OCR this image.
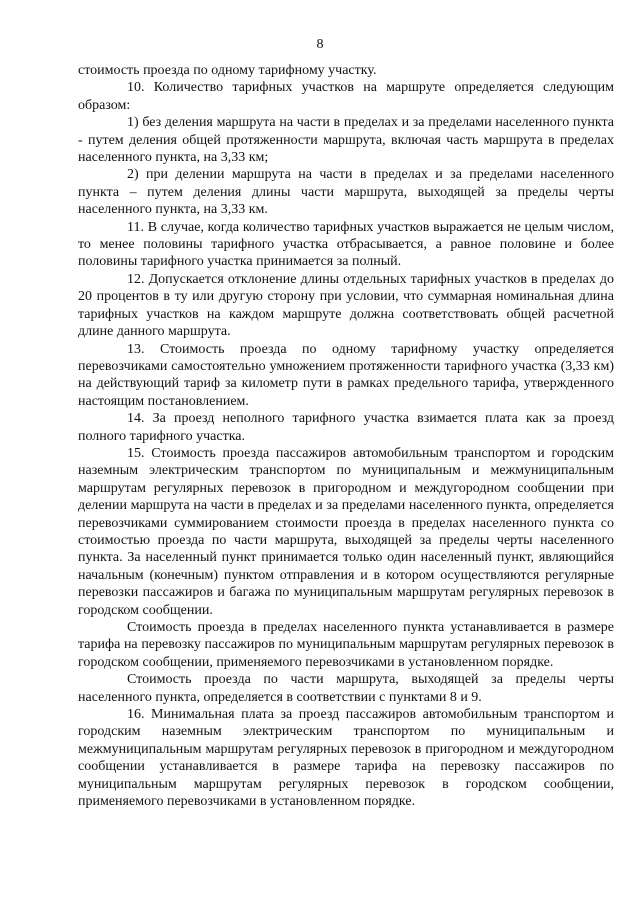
8

стоимость проезда по одному тарифному участку.

10. Количество тарифных участков на маршруте определяется следующим образом:

1) без деления маршрута на части в пределах и за пределами населенного пункта - путем деления общей протяженности маршрута, включая часть маршрута в пределах населенного пункта, на 3,33 км;

2) при делении маршрута на части в пределах и за пределами населенного пункта – путем деления длины части маршрута, выходящей за пределы черты населенного пункта, на 3,33 км.

11. В случае, когда количество тарифных участков выражается не целым числом, то менее половины тарифного участка отбрасывается, а равное половине и более половины тарифного участка принимается за полный.

12. Допускается отклонение длины отдельных тарифных участков в пределах до 20 процентов в ту или другую сторону при условии, что суммарная номинальная длина тарифных участков на каждом маршруте должна соответствовать общей расчетной длине данного маршрута.

13. Стоимость проезда по одному тарифному участку определяется перевозчиками самостоятельно умножением протяженности тарифного участка (3,33 км) на действующий тариф за километр пути в рамках предельного тарифа, утвержденного настоящим постановлением.

14. За проезд неполного тарифного участка взимается плата как за проезд полного тарифного участка.

15. Стоимость проезда пассажиров автомобильным транспортом и городским наземным электрическим транспортом по муниципальным и межмуниципальным маршрутам регулярных перевозок в пригородном и междугородном сообщении при делении маршрута на части в пределах и за пределами населенного пункта, определяется перевозчиками суммированием стоимости проезда в пределах населенного пункта со стоимостью проезда по части маршрута, выходящей за пределы черты населенного пункта. За населенный пункт принимается только один населенный пункт, являющийся начальным (конечным) пунктом отправления и в котором осуществляются регулярные перевозки пассажиров и багажа по муниципальным маршрутам регулярных перевозок в городском сообщении.

Стоимость проезда в пределах населенного пункта устанавливается в размере тарифа на перевозку пассажиров по муниципальным маршрутам регулярных перевозок в городском сообщении, применяемого перевозчиками в установленном порядке.

Стоимость проезда по части маршрута, выходящей за пределы черты населенного пункта, определяется в соответствии с пунктами 8 и 9.

16. Минимальная плата за проезд пассажиров автомобильным транспортом и городским наземным электрическим транспортом по муниципальным и межмуниципальным маршрутам регулярных перевозок в пригородном и междугородном сообщении устанавливается в размере тарифа на перевозку пассажиров по муниципальным маршрутам регулярных перевозок в городском сообщении, применяемого перевозчиками в установленном порядке.
